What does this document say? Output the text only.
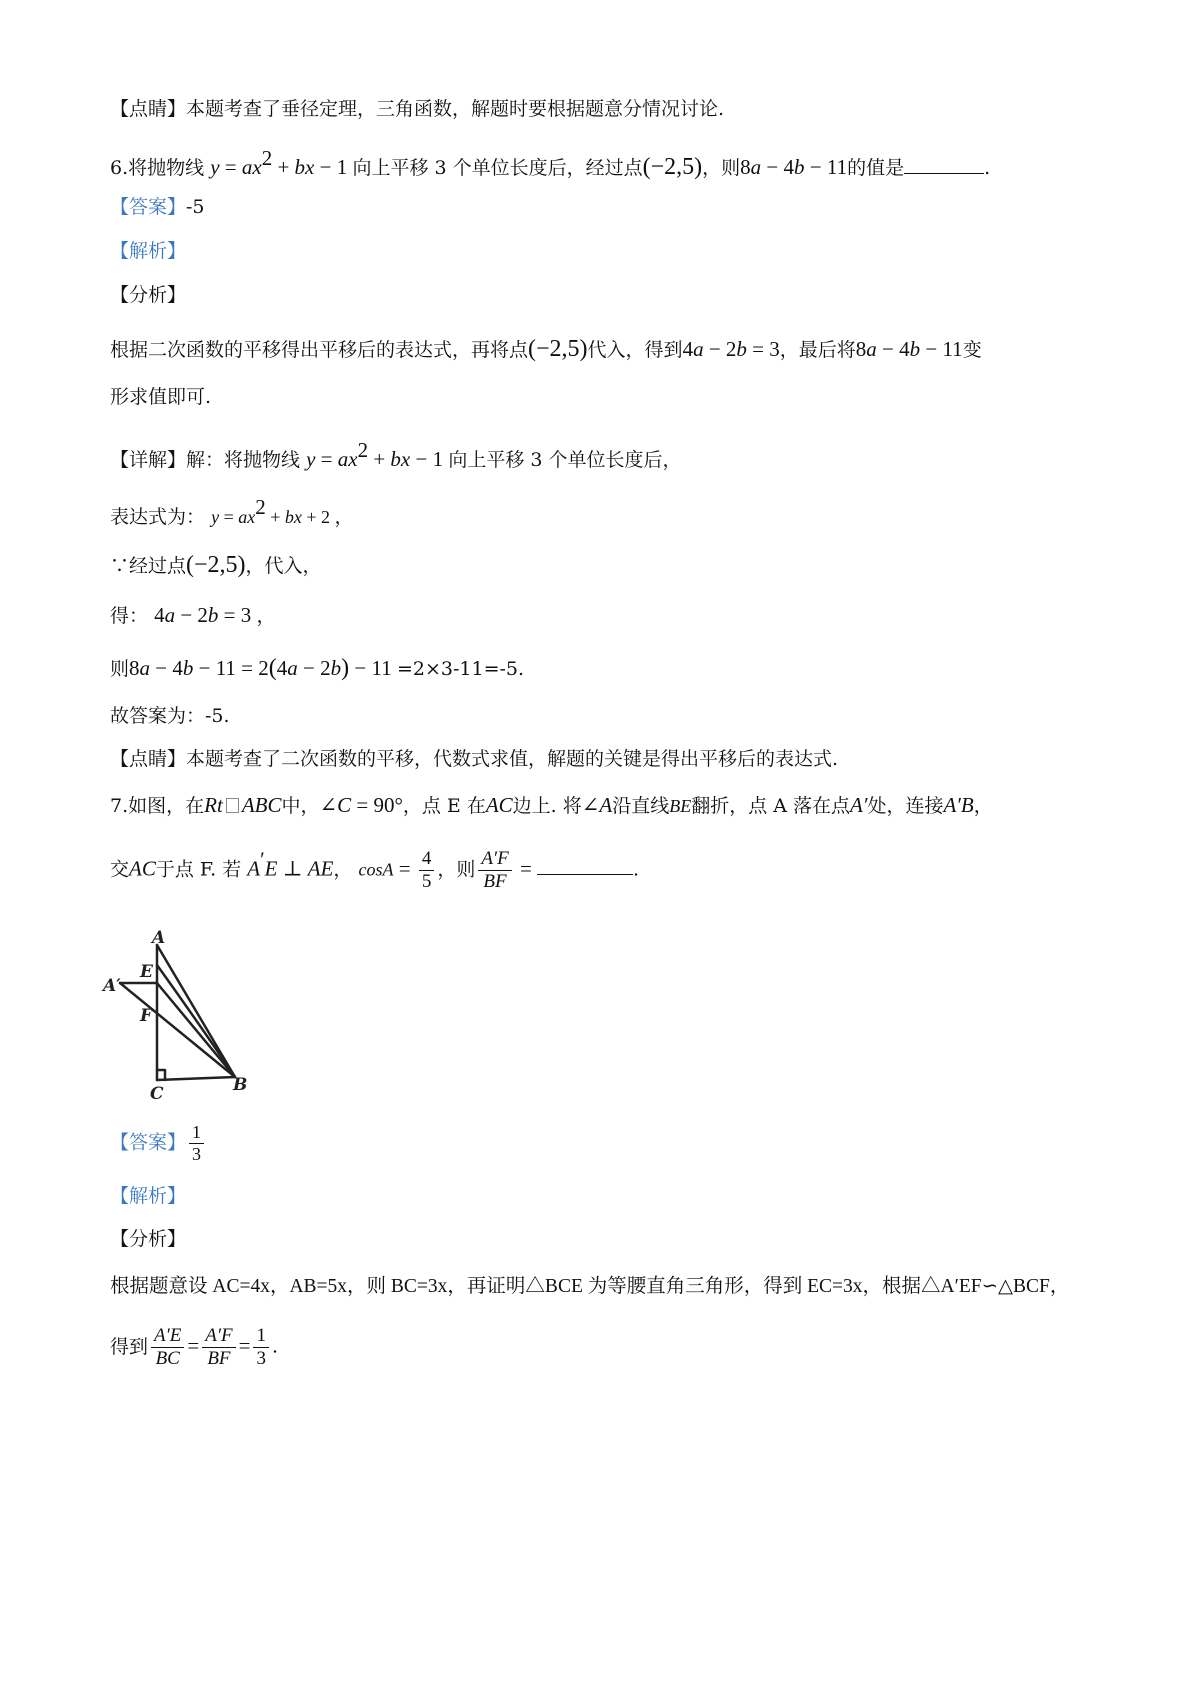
【点睛】本题考查了垂径定理，三角函数，解题时要根据题意分情况讨论.
6.将抛物线 $y = ax^2$ + bx − 1 向上平移 3 个单位长度后，经过点(−2,5)，则8a − 4b − 11的值是	.
【答案】-5
【解析】
【分析】
根据二次函数的平移得出平移后的表达式，再将点(−2,5)代入，得到4a − 2b = 3，最后将8a − 4b − 11变
形求值即可.
【详解】解：将抛物线 $y = ax^2$ + bx − 1 向上平移 3 个单位长度后，
表达式为： $y = ax^2$ + bx + 2 ，
∵经过点(−2,5)，代入，
得： 4a − 2b = 3 ，
则8a − 4b − 11 = 2(4a − 2b) − 11 =2×3-11=-5.
故答案为：-5.
【点睛】本题考查了二次函数的平移，代数式求值，解题的关键是得出平移后的表达式.
7.如图，在Rt ABC中，∠C = 90°，点 E 在AC边上. 将∠A沿直线BE翻折，点 A 落在点A′处，连接A′B，
交AC于点 F. 若 A′E ⊥ AE， $\cos A = \frac{4}{5}$ ，则 $\frac{A'F}{BF}$ =	.
A
E
A′
F
C	B
【答案】 $\frac{1}{3}$
【解析】
【分析】
根据题意设 AC=4x，AB=5x，则 BC=3x，再证明△BCE 为等腰直角三角形，得到 EC=3x，根据△A′EF∽△BCF，
得到 $\frac{A'E}{BC} = \frac{A'F}{BF} = \frac{1}{3}$ .
